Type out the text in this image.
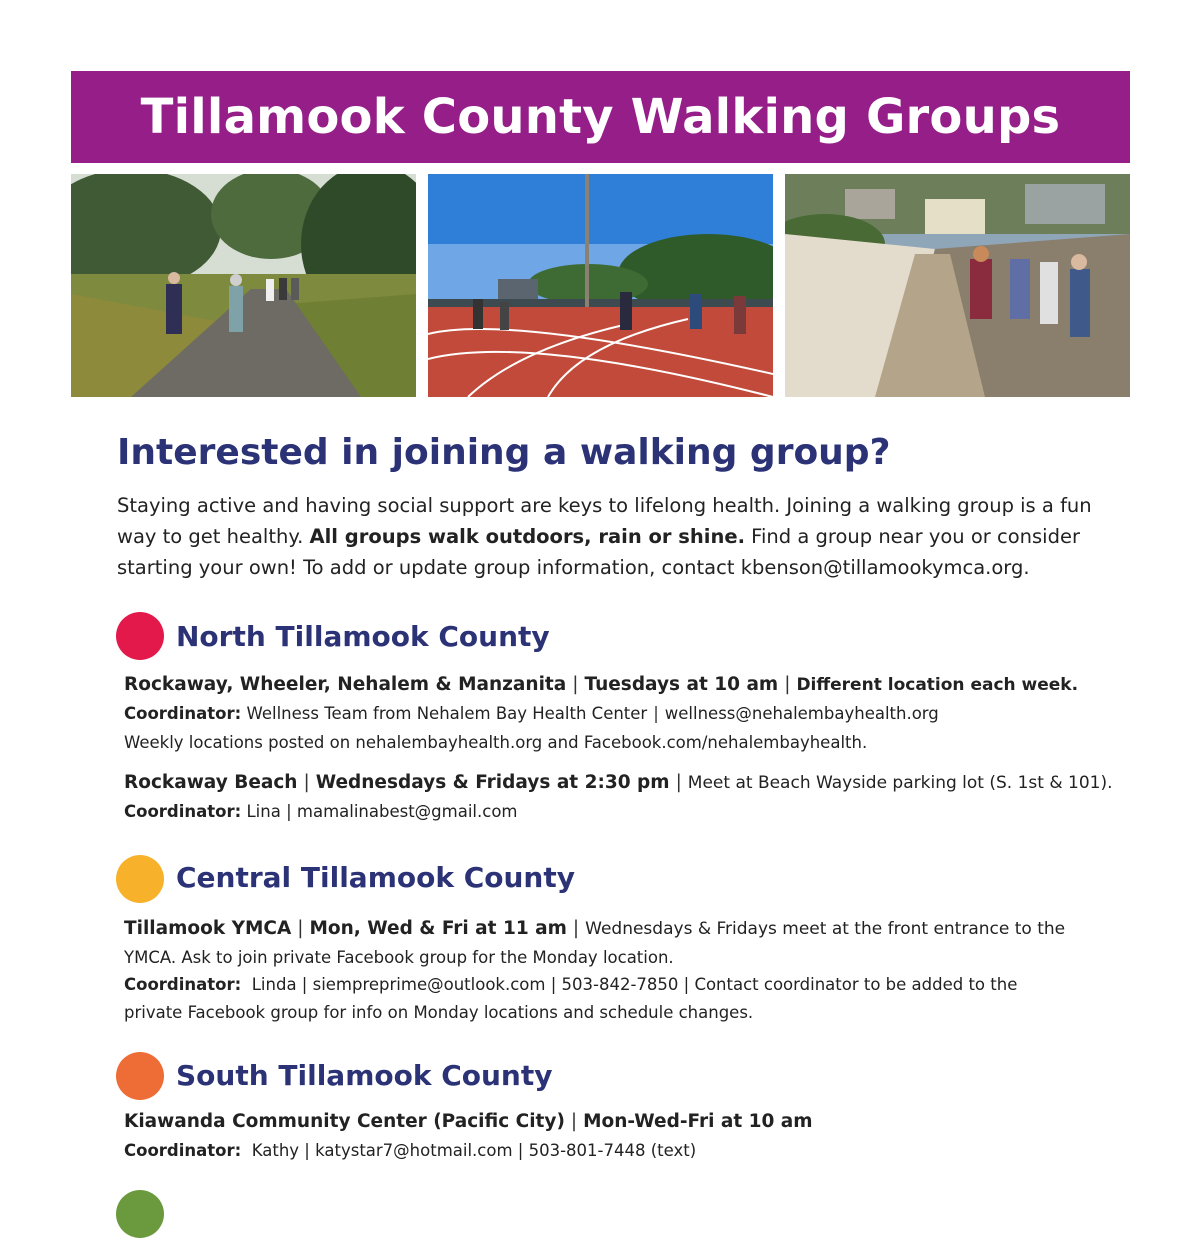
Tillamook County Walking Groups
Interested in joining a walking group?
Staying active and having social support are keys to lifelong health. Joining a walking group is a fun way to get healthy. All groups walk outdoors, rain or shine. Find a group near you or consider starting your own! To add or update group information, contact kbenson@tillamookymca.org.
North Tillamook County
Rockaway, Wheeler, Nehalem & Manzanita | Tuesdays at 10 am | Different location each week.
Coordinator: Wellness Team from Nehalem Bay Health Center | wellness@nehalembayhealth.org
Weekly locations posted on nehalembayhealth.org and Facebook.com/nehalembayhealth.
Rockaway Beach | Wednesdays & Fridays at 2:30 pm | Meet at Beach Wayside parking lot (S. 1st & 101).
Coordinator: Lina | mamalinabest@gmail.com
Central Tillamook County
Tillamook YMCA | Mon, Wed & Fri at 11 am | Wednesdays & Fridays meet at the front entrance to the
YMCA. Ask to join private Facebook group for the Monday location.
Coordinator: Linda | siempreprime@outlook.com | 503-842-7850 | Contact coordinator to be added to the
private Facebook group for info on Monday locations and schedule changes.
South Tillamook County
Kiawanda Community Center (Pacific City) | Mon-Wed-Fri at 10 am
Coordinator: Kathy | katystar7@hotmail.com | 503-801-7448 (text)
